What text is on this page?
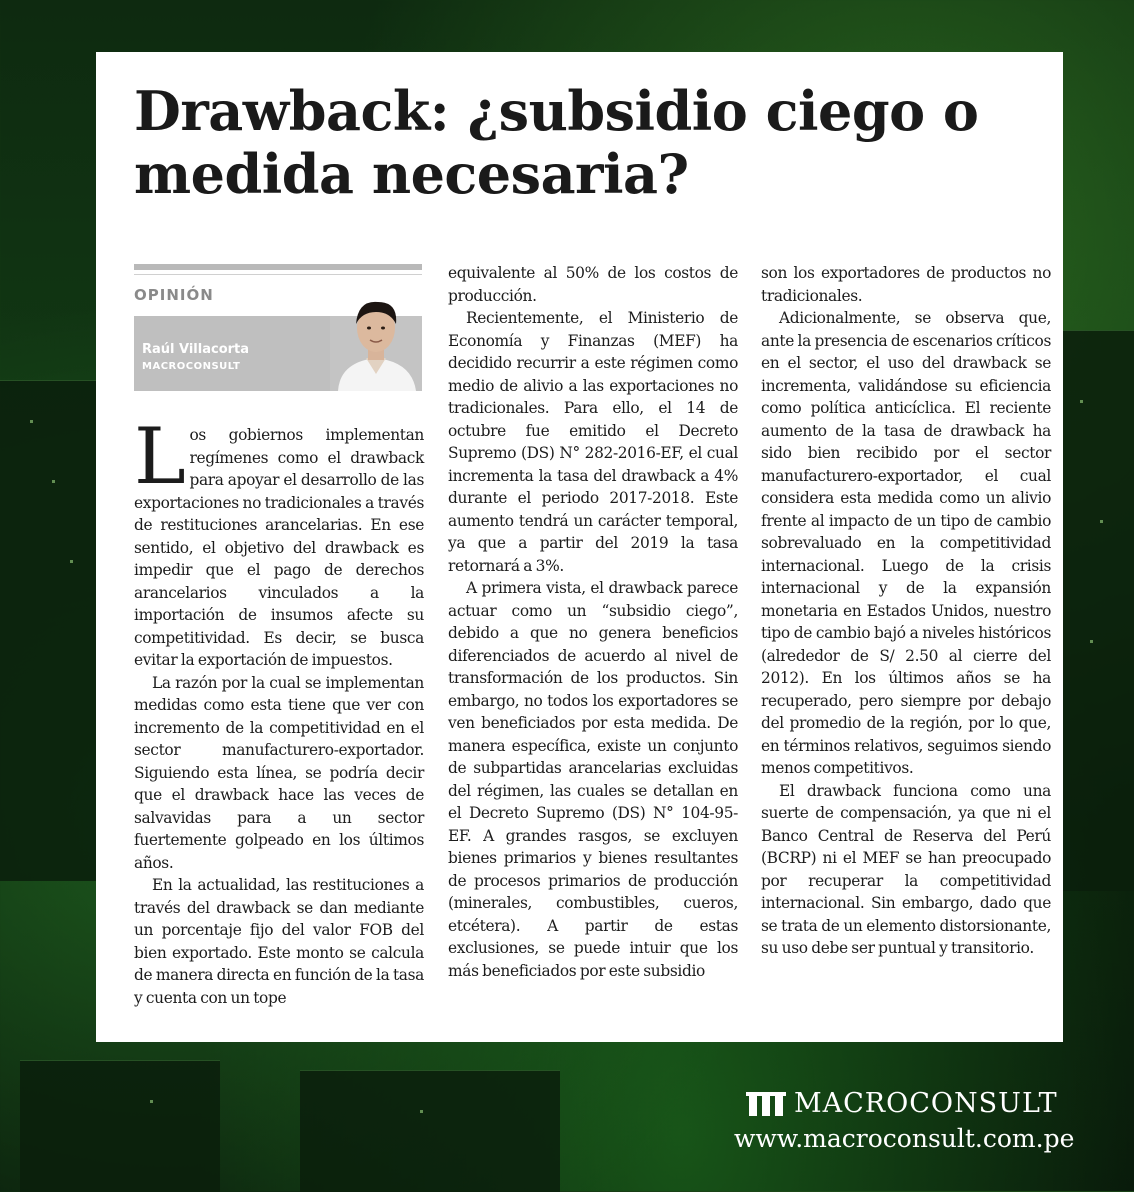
Drawback: ¿subsidio ciego o medida necesaria?

OPINIÓN

Raúl Villacorta

MACROCONSULT

Los gobiernos implementan regímenes como el drawback para apoyar el desarrollo de las exportaciones no tradicionales a través de restituciones arancelarias. En ese sentido, el objetivo del drawback es impedir que el pago de derechos arancelarios vinculados a la importación de insumos afecte su competitividad. Es decir, se busca evitar la exportación de impuestos.

La razón por la cual se implementan medidas como esta tiene que ver con incremento de la competitividad en el sector manufacturero-exportador. Siguiendo esta línea, se podría decir que el drawback hace las veces de salvavidas para a un sector fuertemente golpeado en los últimos años.

En la actualidad, las restituciones a través del drawback se dan mediante un porcentaje fijo del valor FOB del bien exportado. Este monto se calcula de manera directa en función de la tasa y cuenta con un tope

equivalente al 50% de los costos de producción.

Recientemente, el Ministerio de Economía y Finanzas (MEF) ha decidido recurrir a este régimen como medio de alivio a las exportaciones no tradicionales. Para ello, el 14 de octubre fue emitido el Decreto Supremo (DS) N° 282-2016-EF, el cual incrementa la tasa del drawback a 4% durante el periodo 2017-2018. Este aumento tendrá un carácter temporal, ya que a partir del 2019 la tasa retornará a 3%.

A primera vista, el drawback parece actuar como un “subsidio ciego”, debido a que no genera beneficios diferenciados de acuerdo al nivel de transformación de los productos. Sin embargo, no todos los exportadores se ven beneficiados por esta medida. De manera específica, existe un conjunto de subpartidas arancelarias excluidas del régimen, las cuales se detallan en el Decreto Supremo (DS) N° 104-95-EF. A grandes rasgos, se excluyen bienes primarios y bienes resultantes de procesos primarios de producción (minerales, combustibles, cueros, etcétera). A partir de estas exclusiones, se puede intuir que los más beneficiados por este subsidio

son los exportadores de productos no tradicionales.

Adicionalmente, se observa que, ante la presencia de escenarios críticos en el sector, el uso del drawback se incrementa, validándose su eficiencia como política anticíclica. El reciente aumento de la tasa de drawback ha sido bien recibido por el sector manufacturero-exportador, el cual considera esta medida como un alivio frente al impacto de un tipo de cambio sobrevaluado en la competitividad internacional. Luego de la crisis internacional y de la expansión monetaria en Estados Unidos, nuestro tipo de cambio bajó a niveles históricos (alrededor de S/ 2.50 al cierre del 2012). En los últimos años se ha recuperado, pero siempre por debajo del promedio de la región, por lo que, en términos relativos, seguimos siendo menos competitivos.

El drawback funciona como una suerte de compensación, ya que ni el Banco Central de Reserva del Perú (BCRP) ni el MEF se han preocupado por recuperar la competitividad internacional. Sin embargo, dado que se trata de un elemento distorsionante, su uso debe ser puntual y transitorio.

MACROCONSULT

www.macroconsult.com.pe
